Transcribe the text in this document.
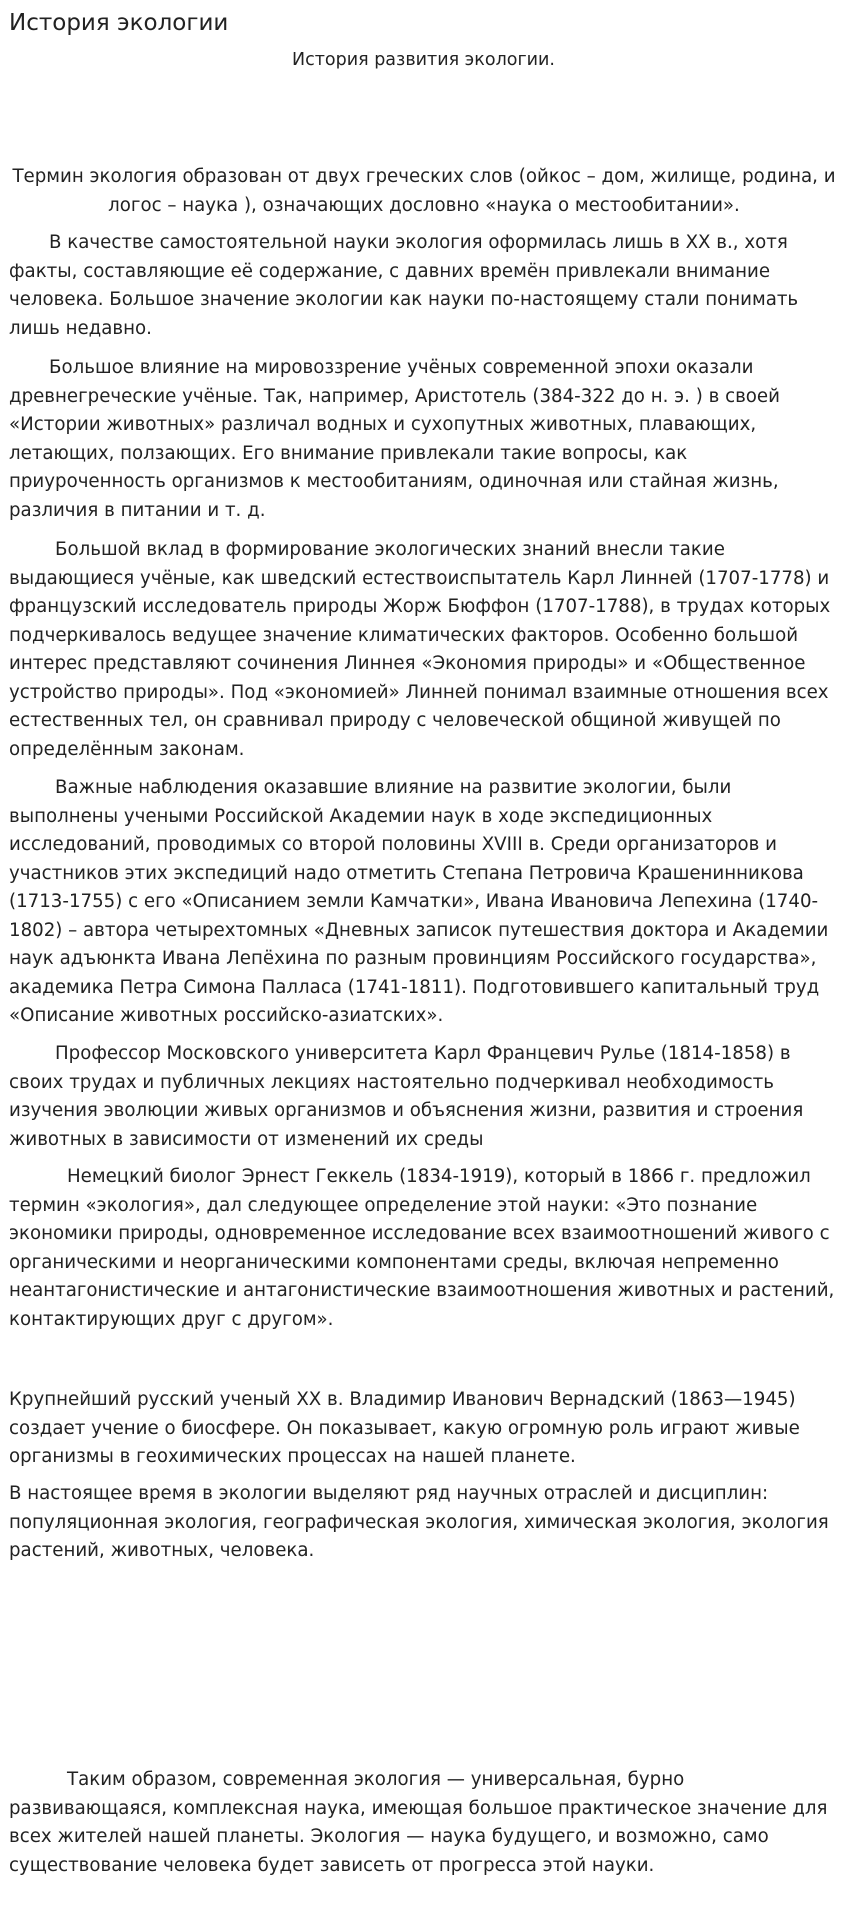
История экологии

История развития экологии.

Термин экология образован от двух греческих слов (ойкос – дом, жилище, родина, и логос – наука ), означающих дословно «наука о местообитании».

В качестве самостоятельной науки экология оформилась лишь в XX в., хотя факты, составляющие её содержание, с давних времён привлекали внимание человека. Большое значение экологии как науки по-настоящему стали понимать лишь недавно.

Большое влияние на мировоззрение учёных современной эпохи оказали древнегреческие учёные. Так, например, Аристотель (384-322 до н. э. ) в своей «Истории животных» различал водных и сухопутных животных, плавающих, летающих, ползающих. Его внимание привлекали такие вопросы, как приуроченность организмов к местообитаниям, одиночная или стайная жизнь, различия в питании и т. д.

Большой вклад в формирование экологических знаний внесли такие выдающиеся учёные, как шведский естествоиспытатель Карл Линней (1707-1778) и французский исследователь природы Жорж Бюффон (1707-1788), в трудах которых подчеркивалось ведущее значение климатических факторов. Особенно большой интерес представляют сочинения Линнея «Экономия природы» и «Общественное устройство природы». Под «экономией» Линней понимал взаимные отношения всех естественных тел, он сравнивал природу с человеческой общиной живущей по определённым законам.

Важные наблюдения оказавшие влияние на развитие экологии, были выполнены учеными Российской Академии наук в ходе экспедиционных исследований, проводимых со второй половины XVIII в. Среди организаторов и участников этих экспедиций надо отметить Степана Петровича Крашенинникова (1713-1755) с его «Описанием земли Камчатки», Ивана Ивановича Лепехина (1740-1802) – автора четырехтомных «Дневных записок путешествия доктора и Академии наук адъюнкта Ивана Лепёхина по разным провинциям Российского государства», академика Петра Симона Палласа (1741-1811). Подготовившего капитальный труд «Описание животных российско-азиатских».

Профессор Московского университета Карл Францевич Рулье (1814-1858) в своих трудах и публичных лекциях настоятельно подчеркивал необходимость изучения эволюции живых организмов и объяснения жизни, развития и строения животных в зависимости от изменений их среды

Немецкий биолог Эрнест Геккель (1834-1919), который в 1866 г. предложил термин «экология», дал следующее определение этой науки: «Это познание экономики природы, одновременное исследование всех взаимоотношений живого с органическими и неорганическими компонентами среды, включая непременно неантагонистические и антагонистические взаимоотношения животных и растений, контактирующих друг с другом».

Крупнейший русский ученый XX в. Владимир Иванович Вернадский (1863—1945) создает учение о биосфере. Он показывает, какую огромную роль играют живые организмы в геохимических процессах на нашей планете.

В настоящее время в экологии выделяют ряд научных отраслей и дисциплин: популяционная экология, географическая экология, химическая экология, экология растений, животных, человека.

Таким образом, современная экология — универсальная, бурно развивающаяся, комплексная наука, имеющая большое практическое значение для всех жителей нашей планеты. Экология — наука будущего, и возможно, само существование человека будет зависеть от прогресса этой науки.
